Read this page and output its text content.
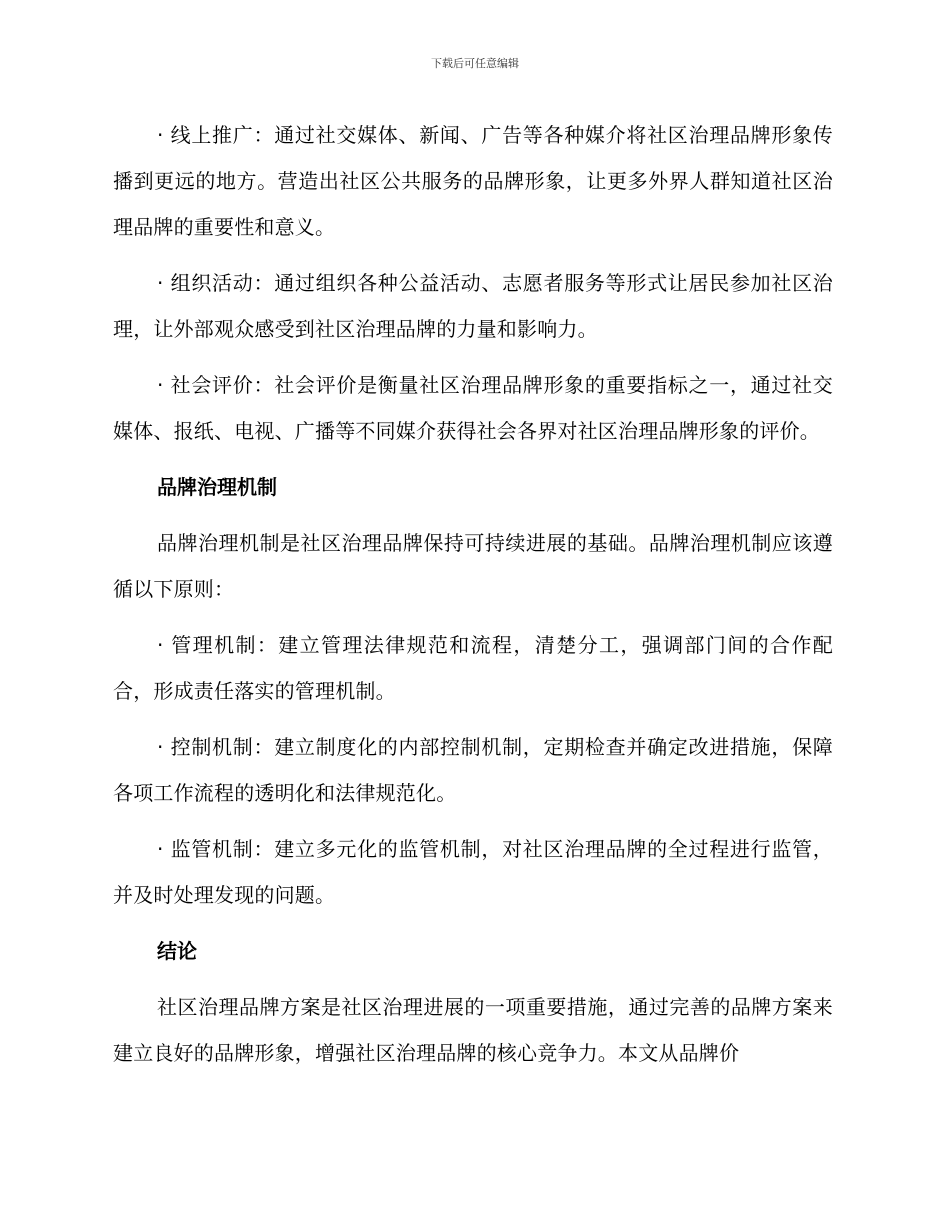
下载后可任意编辑

· 线上推广：通过社交媒体、新闻、广告等各种媒介将社区治理品牌形象传播到更远的地方。营造出社区公共服务的品牌形象，让更多外界人群知道社区治理品牌的重要性和意义。

· 组织活动：通过组织各种公益活动、志愿者服务等形式让居民参加社区治理，让外部观众感受到社区治理品牌的力量和影响力。

· 社会评价：社会评价是衡量社区治理品牌形象的重要指标之一，通过社交媒体、报纸、电视、广播等不同媒介获得社会各界对社区治理品牌形象的评价。

品牌治理机制

品牌治理机制是社区治理品牌保持可持续进展的基础。品牌治理机制应该遵循以下原则：

· 管理机制：建立管理法律规范和流程，清楚分工，强调部门间的合作配合，形成责任落实的管理机制。

· 控制机制：建立制度化的内部控制机制，定期检查并确定改进措施，保障各项工作流程的透明化和法律规范化。

· 监管机制：建立多元化的监管机制，对社区治理品牌的全过程进行监管，并及时处理发现的问题。

结论

社区治理品牌方案是社区治理进展的一项重要措施，通过完善的品牌方案来建立良好的品牌形象，增强社区治理品牌的核心竞争力。本文从品牌价
